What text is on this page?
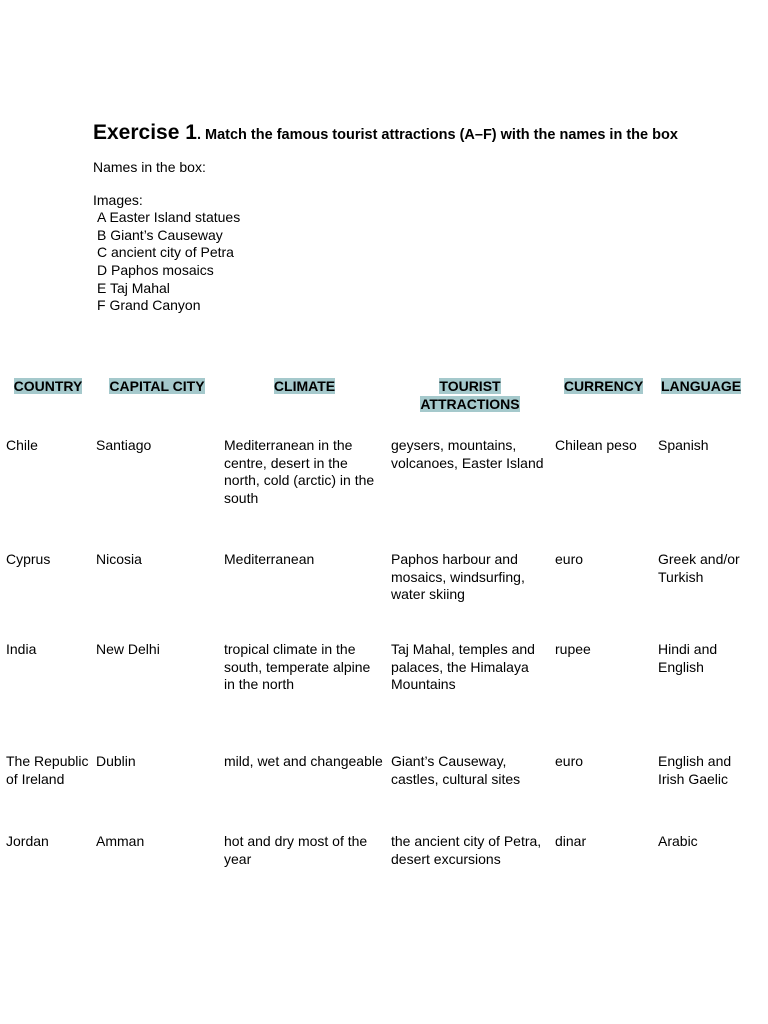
Exercise 1. Match the famous tourist attractions (A–F) with the names in the box

Names in the box:

Images:

A Easter Island statues
B Giant’s Causeway
C ancient city of Petra
D Paphos mosaics
E Taj Mahal
F Grand Canyon
COUNTRY	CAPITAL CITY	CLIMATE	TOURIST ATTRACTIONS	CURRENCY	LANGUAGE
Chile	Santiago	Mediterranean in the centre, desert in the north, cold (arctic) in the south	geysers, mountains, volcanoes, Easter Island	Chilean peso	Spanish
Cyprus	Nicosia	Mediterranean	Paphos harbour and mosaics, windsurfing, water skiing	euro	Greek and/or Turkish
India	New Delhi	tropical climate in the south, temperate alpine in the north	Taj Mahal, temples and palaces, the Himalaya Mountains	rupee	Hindi and English
The Republic of Ireland	Dublin	mild, wet and changeable	Giant’s Causeway, castles, cultural sites	euro	English and Irish Gaelic
Jordan	Amman	hot and dry most of the year	the ancient city of Petra, desert excursions	dinar	Arabic
